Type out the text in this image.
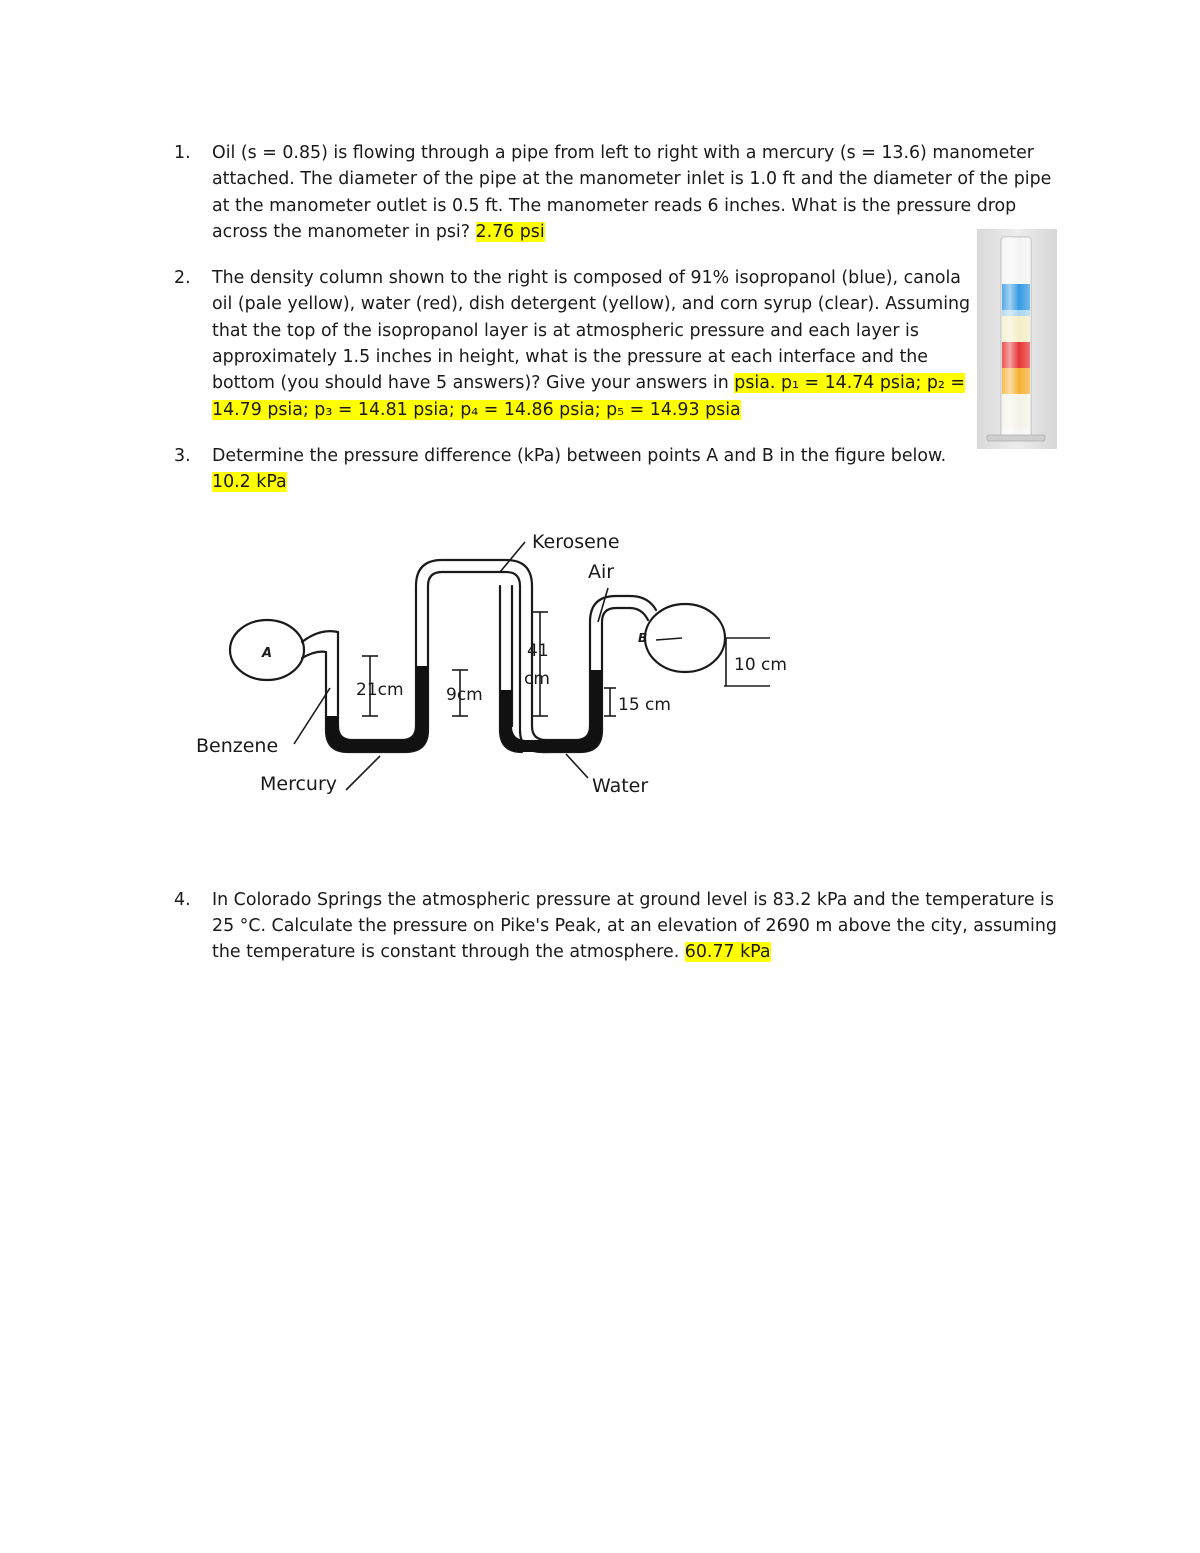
1. Oil (s = 0.85) is flowing through a pipe from left to right with a mercury (s = 13.6) manometer attached. The diameter of the pipe at the manometer inlet is 1.0 ft and the diameter of the pipe at the manometer outlet is 0.5 ft. The manometer reads 6 inches. What is the pressure drop across the manometer in psi? 2.76 psi
2. The density column shown to the right is composed of 91% isopropanol (blue), canola oil (pale yellow), water (red), dish detergent (yellow), and corn syrup (clear). Assuming that the top of the isopropanol layer is at atmospheric pressure and each layer is approximately 1.5 inches in height, what is the pressure at each interface and the bottom (you should have 5 answers)? Give your answers in psia. p₁ = 14.74 psia; p₂ = 14.79 psia; p₃ = 14.81 psia; p₄ = 14.86 psia; p₅ = 14.93 psia
3. Determine the pressure difference (kPa) between points A and B in the figure below.
10.2 kPa
4. In Colorado Springs the atmospheric pressure at ground level is 83.2 kPa and the temperature is 25 °C. Calculate the pressure on Pike's Peak, at an elevation of 2690 m above the city, assuming the temperature is constant through the atmosphere. 60.77 kPa
Kerosene
Air
A
B
Benzene
Mercury	Water
21cm 9cm
41
cm
15 cm
10 cm
